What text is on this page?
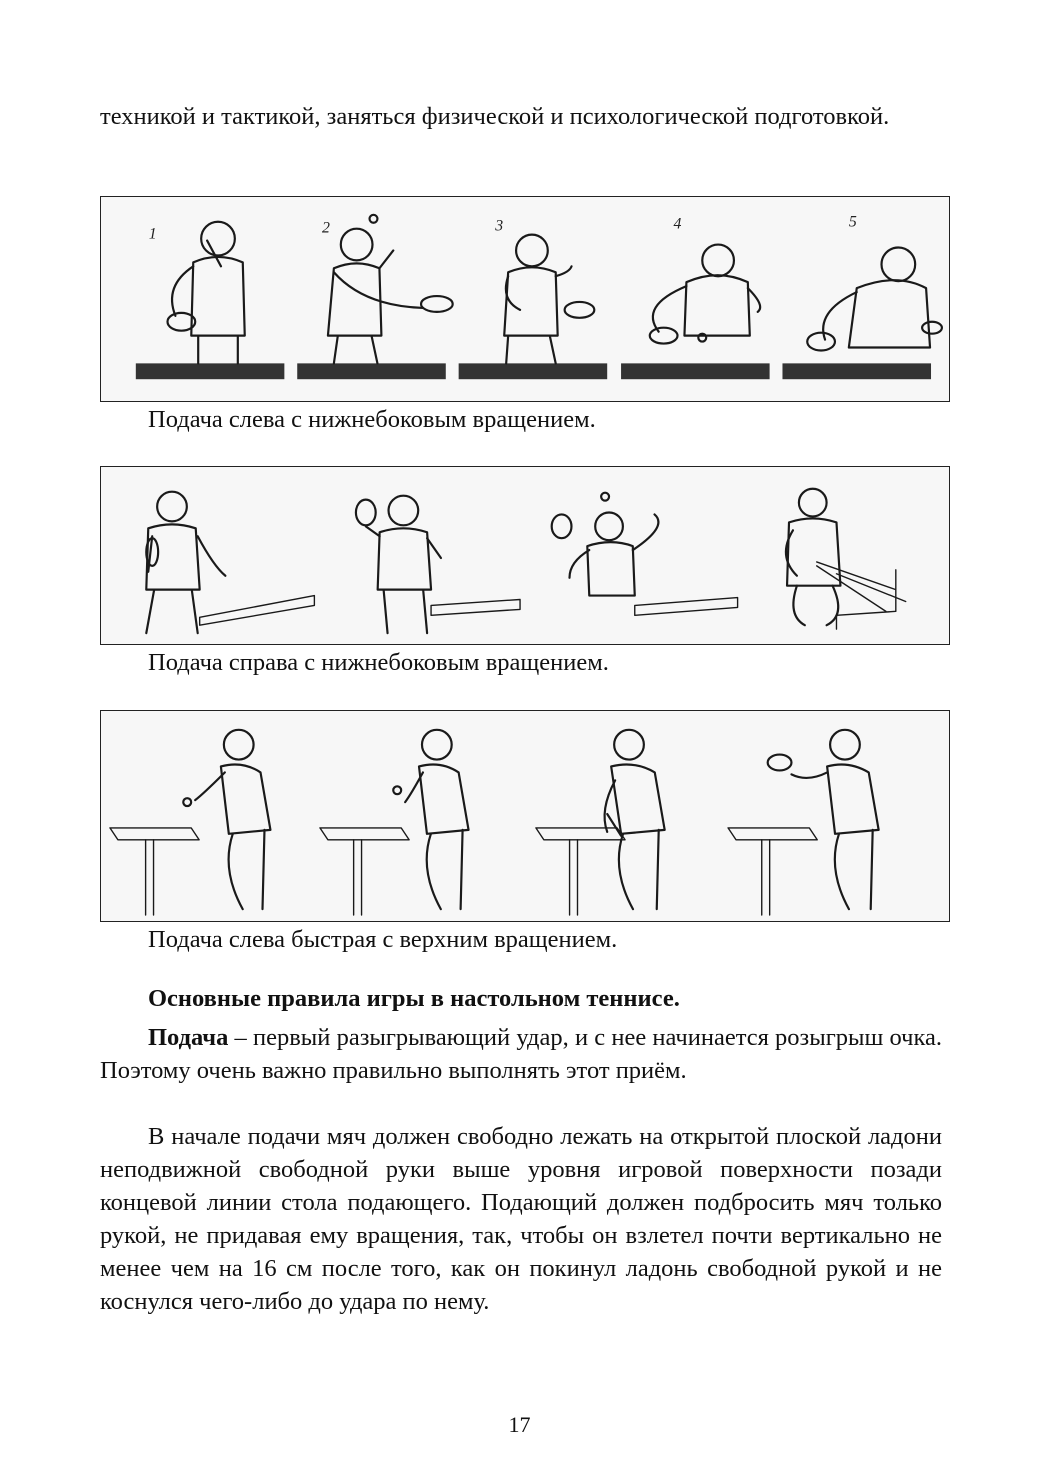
техникой и тактикой, заняться физической и психологической подготовкой.

1	2	3	4	5

Подача слева с нижнебоковым вращением.

Подача справа с нижнебоковым вращением.

Подача слева быстрая с верхним вращением.

Основные правила игры в настольном теннисе.

Подача – первый разыгрывающий удар, и с нее начинается розыгрыш очка. Поэтому очень важно правильно выполнять этот приём.

В начале подачи мяч должен свободно лежать на открытой плоской ладони неподвижной свободной руки выше уровня игровой поверхности позади концевой линии стола подающего. Подающий должен подбросить мяч только рукой, не придавая ему вращения, так, чтобы он взлетел почти вертикально не менее чем на 16 см после того, как он покинул ладонь свободной рукой и не коснулся чего-либо до удара по нему.

17
